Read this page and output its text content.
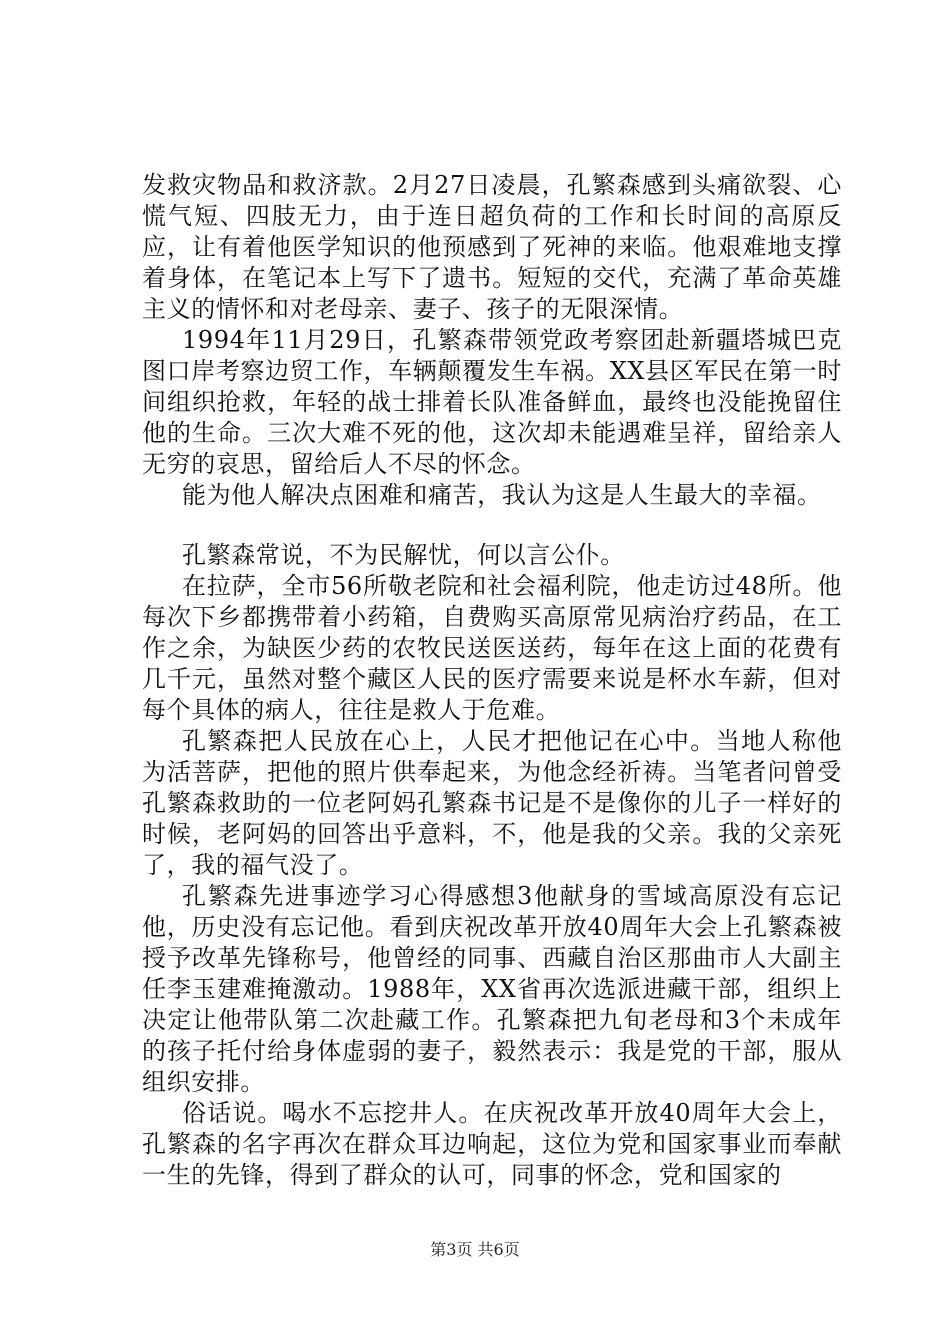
发救灾物品和救济款。2月27日凌晨，孔繁森感到头痛欲裂、心慌气短、四肢无力，由于连日超负荷的工作和长时间的高原反应，让有着他医学知识的他预感到了死神的来临。他艰难地支撑着身体，在笔记本上写下了遗书。短短的交代，充满了革命英雄主义的情怀和对老母亲、妻子、孩子的无限深情。

1994年11月29日，孔繁森带领党政考察团赴新疆塔城巴克图口岸考察边贸工作，车辆颠覆发生车祸。XX县区军民在第一时间组织抢救，年轻的战士排着长队准备鲜血，最终也没能挽留住他的生命。三次大难不死的他，这次却未能遇难呈祥，留给亲人无穷的哀思，留给后人不尽的怀念。

能为他人解决点困难和痛苦，我认为这是人生最大的幸福。

孔繁森常说，不为民解忧，何以言公仆。

在拉萨，全市56所敬老院和社会福利院，他走访过48所。他每次下乡都携带着小药箱，自费购买高原常见病治疗药品，在工作之余，为缺医少药的农牧民送医送药，每年在这上面的花费有几千元，虽然对整个藏区人民的医疗需要来说是杯水车薪，但对每个具体的病人，往往是救人于危难。

孔繁森把人民放在心上，人民才把他记在心中。当地人称他为活菩萨，把他的照片供奉起来，为他念经祈祷。当笔者问曾受孔繁森救助的一位老阿妈孔繁森书记是不是像你的儿子一样好的时候，老阿妈的回答出乎意料，不，他是我的父亲。我的父亲死了，我的福气没了。

孔繁森先进事迹学习心得感想3他献身的雪域高原没有忘记他，历史没有忘记他。看到庆祝改革开放40周年大会上孔繁森被授予改革先锋称号，他曾经的同事、西藏自治区那曲市人大副主任李玉建难掩激动。1988年，XX省再次选派进藏干部，组织上决定让他带队第二次赴藏工作。孔繁森把九旬老母和3个未成年的孩子托付给身体虚弱的妻子，毅然表示：我是党的干部，服从组织安排。

俗话说。喝水不忘挖井人。在庆祝改革开放40周年大会上，孔繁森的名字再次在群众耳边响起，这位为党和国家事业而奉献一生的先锋，得到了群众的认可，同事的怀念，党和国家的

第3页 共6页
